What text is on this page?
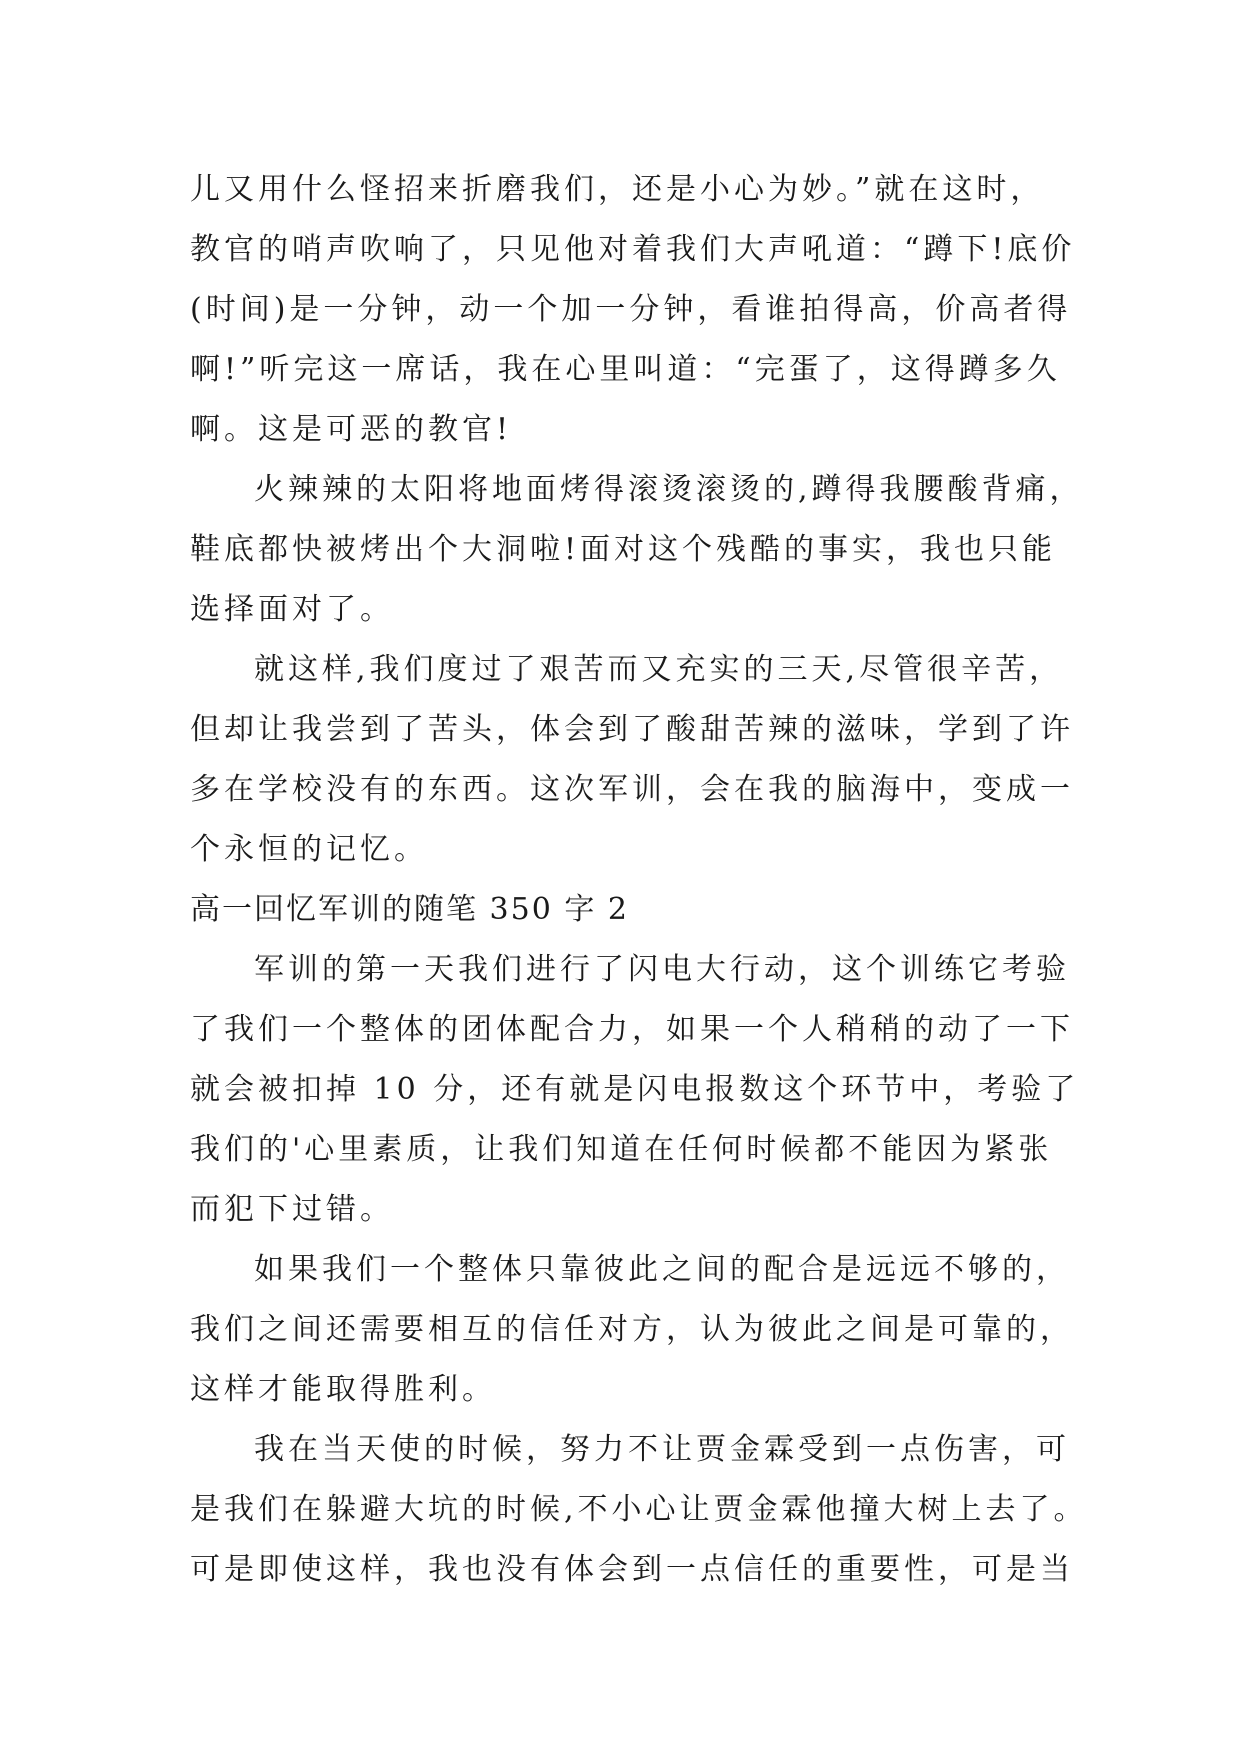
儿又用什么怪招来折磨我们，还是小心为妙。”就在这时，
教官的哨声吹响了，只见他对着我们大声吼道：“蹲下!底价
(时间)是一分钟，动一个加一分钟，看谁拍得高，价高者得
啊!”听完这一席话，我在心里叫道：“完蛋了，这得蹲多久
啊。这是可恶的教官!
火辣辣的太阳将地面烤得滚烫滚烫的,蹲得我腰酸背痛，
鞋底都快被烤出个大洞啦!面对这个残酷的事实，我也只能
选择面对了。
就这样,我们度过了艰苦而又充实的三天,尽管很辛苦，
但却让我尝到了苦头，体会到了酸甜苦辣的滋味，学到了许
多在学校没有的东西。这次军训，会在我的脑海中，变成一
个永恒的记忆。
高一回忆军训的随笔 350 字 2
军训的第一天我们进行了闪电大行动，这个训练它考验
了我们一个整体的团体配合力，如果一个人稍稍的动了一下
就会被扣掉 10 分，还有就是闪电报数这个环节中，考验了
我们的'心里素质，让我们知道在任何时候都不能因为紧张
而犯下过错。
如果我们一个整体只靠彼此之间的配合是远远不够的，
我们之间还需要相互的信任对方，认为彼此之间是可靠的，
这样才能取得胜利。
我在当天使的时候，努力不让贾金霖受到一点伤害，可
是我们在躲避大坑的时候,不小心让贾金霖他撞大树上去了。
可是即使这样，我也没有体会到一点信任的重要性，可是当
